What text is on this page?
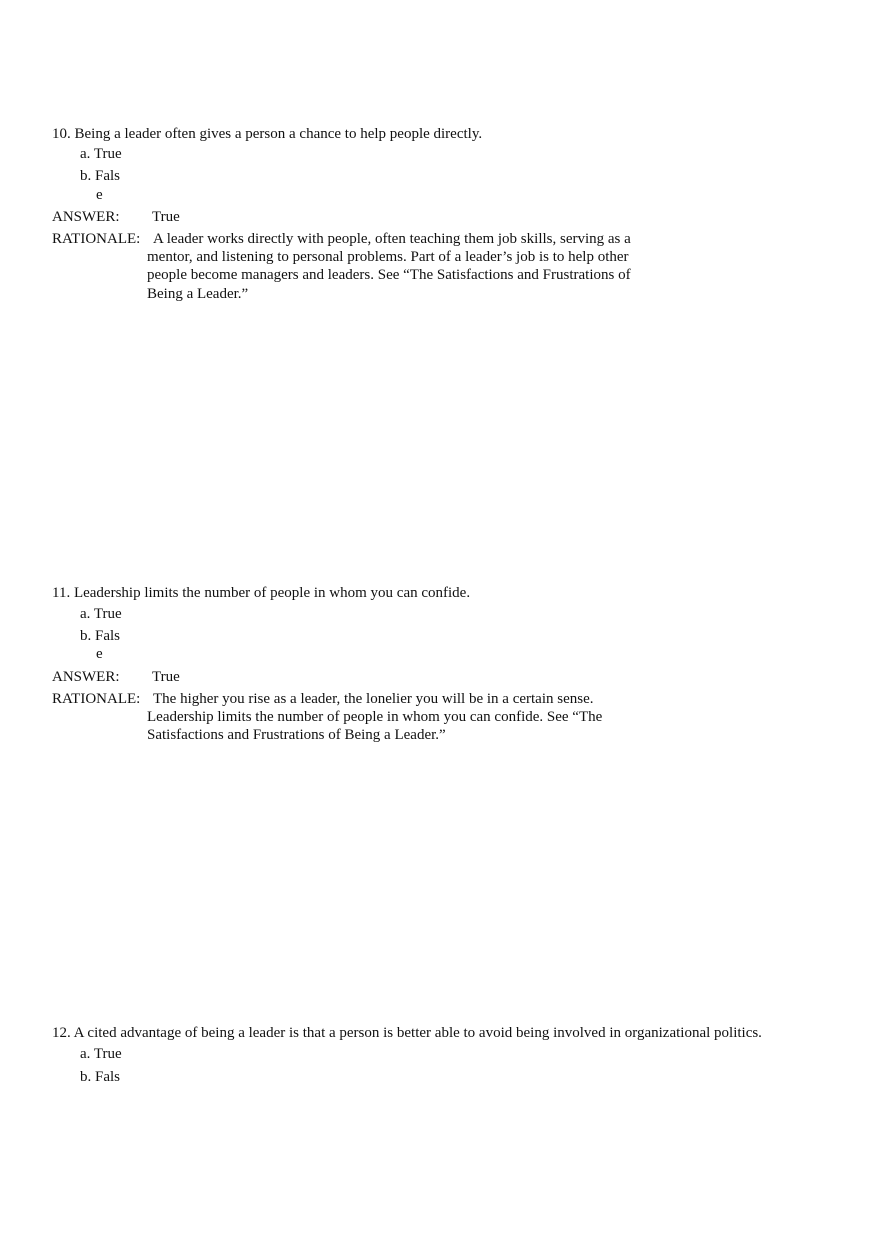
10. Being a leader often gives a person a chance to help people directly.
a. True
b. Fals
e
ANSWER: True
RATIONALE: A leader works directly with people, often teaching them job skills, serving as a
mentor, and listening to personal problems. Part of a leader’s job is to help other
people become managers and leaders. See “The Satisfactions and Frustrations of
Being a Leader.”
11. Leadership limits the number of people in whom you can confide.
a. True
b. Fals
e
ANSWER: True
RATIONALE: The higher you rise as a leader, the lonelier you will be in a certain sense.
Leadership limits the number of people in whom you can confide. See “The
Satisfactions and Frustrations of Being a Leader.”
12. A cited advantage of being a leader is that a person is better able to avoid being involved in organizational politics.
a. True
b. Fals
